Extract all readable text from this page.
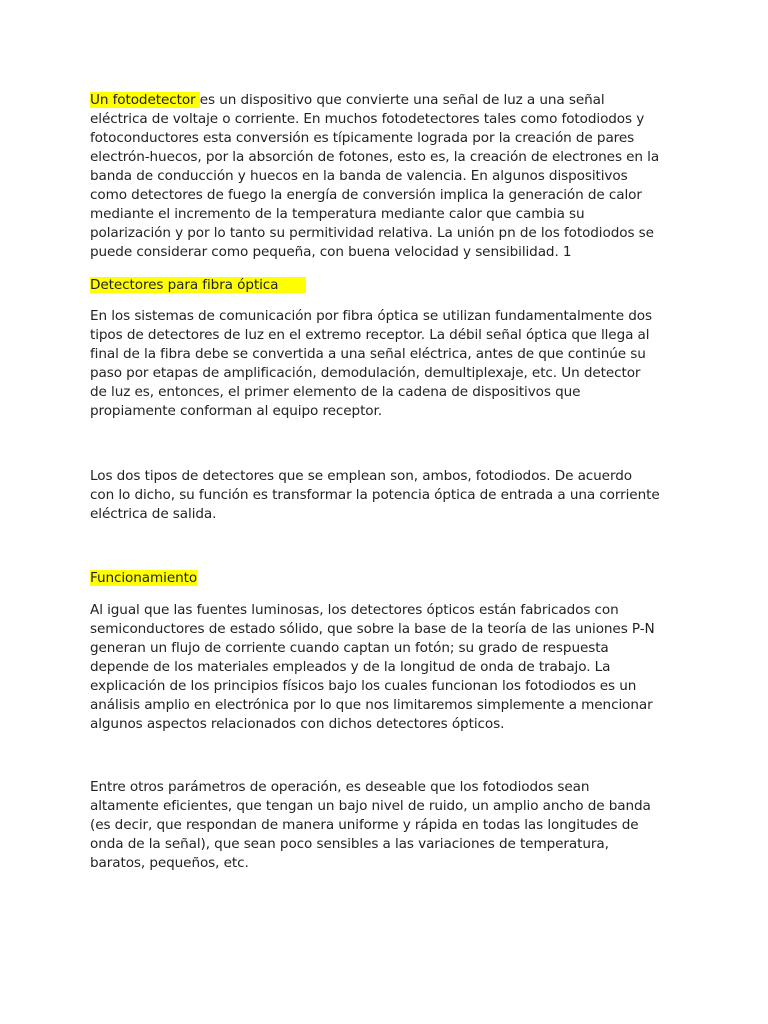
Un fotodetector es un dispositivo que convierte una señal de luz a una señal
eléctrica de voltaje o corriente. En muchos fotodetectores tales como fotodiodos y
fotoconductores esta conversión es típicamente lograda por la creación de pares
electrón-huecos, por la absorción de fotones, esto es, la creación de electrones en la
banda de conducción y huecos en la banda de valencia. En algunos dispositivos
como detectores de fuego la energía de conversión implica la generación de calor
mediante el incremento de la temperatura mediante calor que cambia su
polarización y por lo tanto su permitividad relativa. La unión pn de los fotodiodos se
puede considerar como pequeña, con buena velocidad y sensibilidad. 1

Detectores para fibra óptica

En los sistemas de comunicación por fibra óptica se utilizan fundamentalmente dos
tipos de detectores de luz en el extremo receptor. La débil señal óptica que llega al
final de la fibra debe se convertida a una señal eléctrica, antes de que continúe su
paso por etapas de amplificación, demodulación, demultiplexaje, etc. Un detector
de luz es, entonces, el primer elemento de la cadena de dispositivos que
propiamente conforman al equipo receptor.

Los dos tipos de detectores que se emplean son, ambos, fotodiodos. De acuerdo
con lo dicho, su función es transformar la potencia óptica de entrada a una corriente
eléctrica de salida.

Funcionamiento

Al igual que las fuentes luminosas, los detectores ópticos están fabricados con
semiconductores de estado sólido, que sobre la base de la teoría de las uniones P-N
generan un flujo de corriente cuando captan un fotón; su grado de respuesta
depende de los materiales empleados y de la longitud de onda de trabajo. La
explicación de los principios físicos bajo los cuales funcionan los fotodiodos es un
análisis amplio en electrónica por lo que nos limitaremos simplemente a mencionar
algunos aspectos relacionados con dichos detectores ópticos.

Entre otros parámetros de operación, es deseable que los fotodiodos sean
altamente eficientes, que tengan un bajo nivel de ruido, un amplio ancho de banda
(es decir, que respondan de manera uniforme y rápida en todas las longitudes de
onda de la señal), que sean poco sensibles a las variaciones de temperatura,
baratos, pequeños, etc.
